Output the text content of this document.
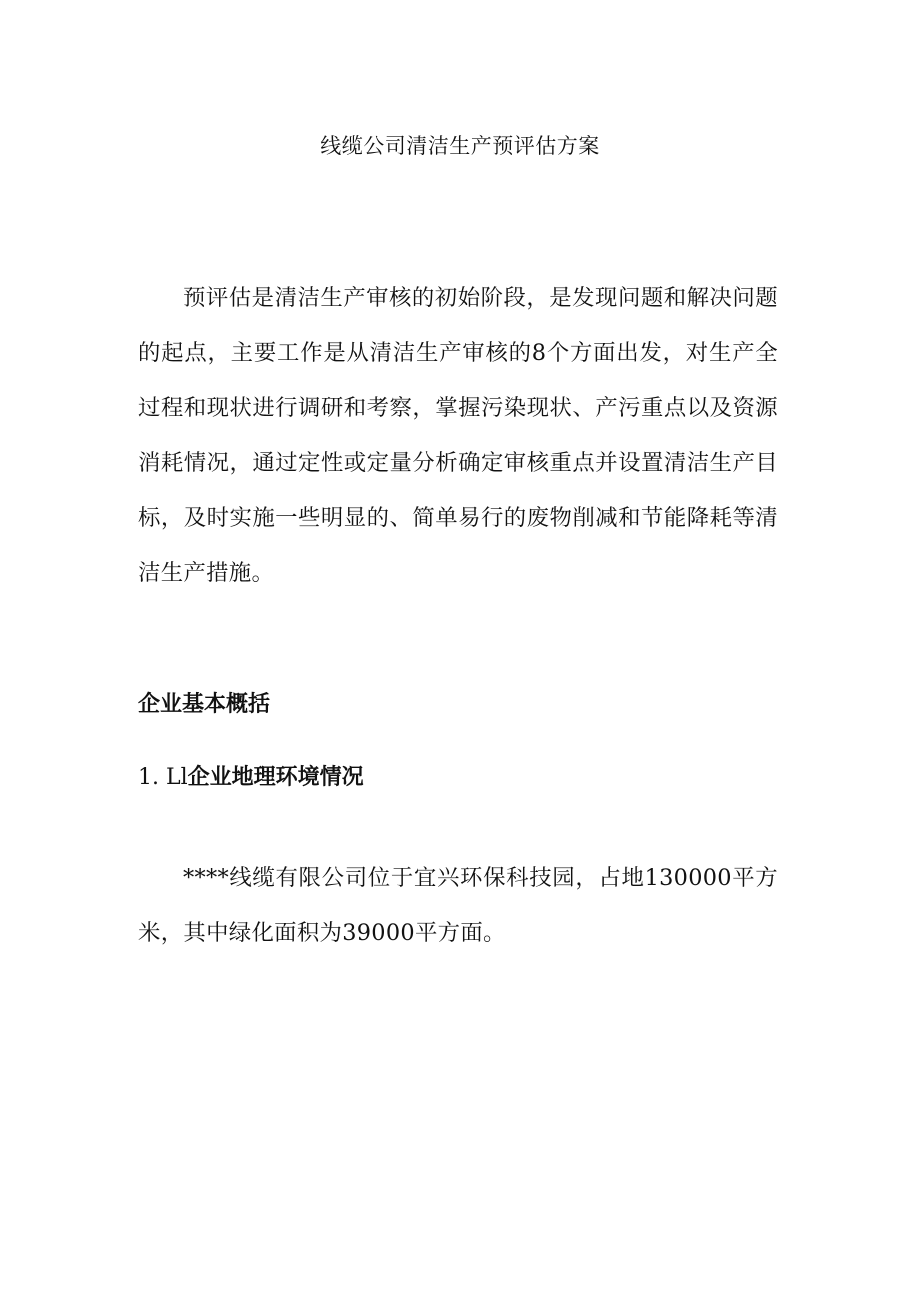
线缆公司清洁生产预评估方案

预评估是清洁生产审核的初始阶段，是发现问题和解决问题的起点，主要工作是从清洁生产审核的8个方面出发，对生产全过程和现状进行调研和考察，掌握污染现状、产污重点以及资源消耗情况，通过定性或定量分析确定审核重点并设置清洁生产目标，及时实施一些明显的、简单易行的废物削减和节能降耗等清洁生产措施。

企业基本概括
1. Ll企业地理环境情况

****线缆有限公司位于宜兴环保科技园，占地130000平方米，其中绿化面积为39000平方面。
